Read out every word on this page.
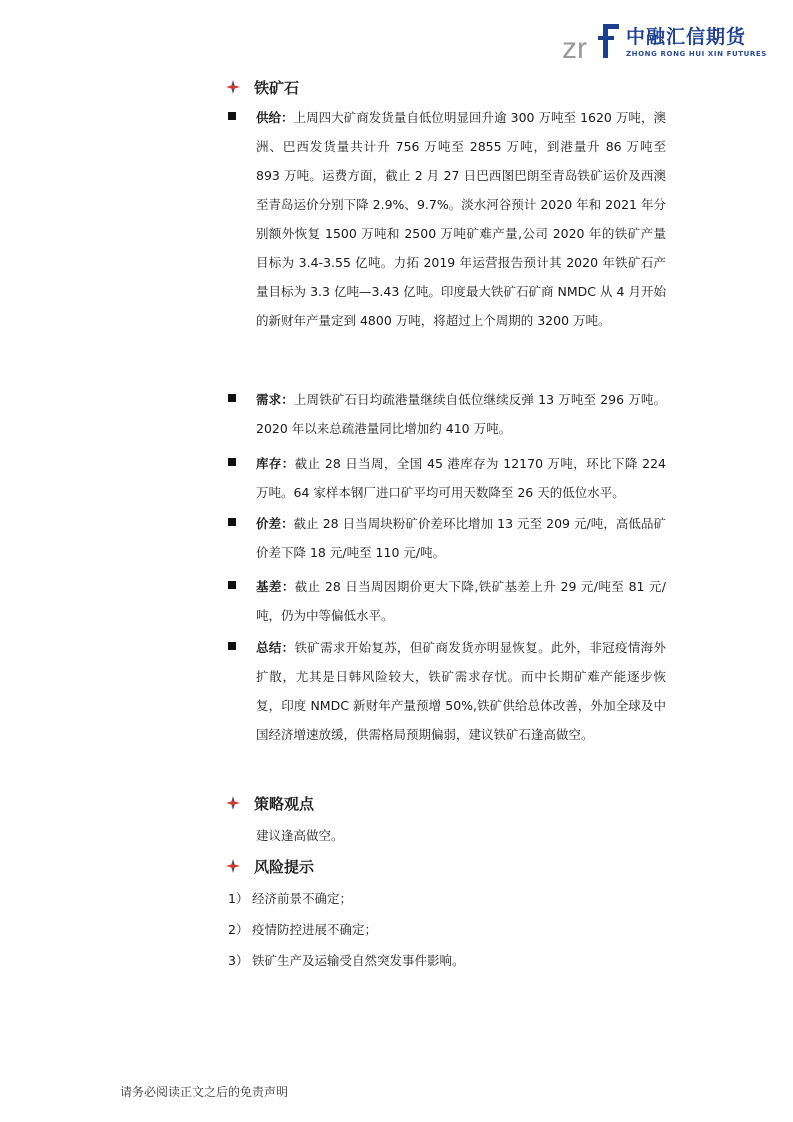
zr 中融汇信期货
ZHONG RONG HUI XIN FUTURES
铁矿石
供给：上周四大矿商发货量自低位明显回升逾 300 万吨至 1620 万吨，澳洲、巴西发货量共计升 756 万吨至 2855 万吨，到港量升 86 万吨至 893 万吨。运费方面，截止 2 月 27 日巴西图巴朗至青岛铁矿运价及西澳至青岛运价分别下降 2.9%、9.7%。淡水河谷预计 2020 年和 2021 年分别额外恢复 1500 万吨和 2500 万吨矿难产量,公司 2020 年的铁矿产量目标为 3.4-3.55 亿吨。力拓 2019 年运营报告预计其 2020 年铁矿石产量目标为 3.3 亿吨—3.43 亿吨。印度最大铁矿石矿商 NMDC 从 4 月开始的新财年产量定到 4800 万吨，将超过上个周期的 3200 万吨。
需求：上周铁矿石日均疏港量继续自低位继续反弹 13 万吨至 296 万吨。2020 年以来总疏港量同比增加约 410 万吨。
库存：截止 28 日当周，全国 45 港库存为 12170 万吨，环比下降 224 万吨。64 家样本钢厂进口矿平均可用天数降至 26 天的低位水平。
价差：截止 28 日当周块粉矿价差环比增加 13 元至 209 元/吨，高低品矿价差下降 18 元/吨至 110 元/吨。
基差：截止 28 日当周因期价更大下降,铁矿基差上升 29 元/吨至 81 元/吨，仍为中等偏低水平。
总结：铁矿需求开始复苏，但矿商发货亦明显恢复。此外，非冠疫情海外扩散，尤其是日韩风险较大，铁矿需求存忧。而中长期矿难产能逐步恢复，印度 NMDC 新财年产量预增 50%,铁矿供给总体改善，外加全球及中国经济增速放缓，供需格局预期偏弱，建议铁矿石逢高做空。
策略观点
建议逢高做空。
风险提示
1） 经济前景不确定；
2） 疫情防控进展不确定；
3） 铁矿生产及运输受自然突发事件影响。
请务必阅读正文之后的免责声明
